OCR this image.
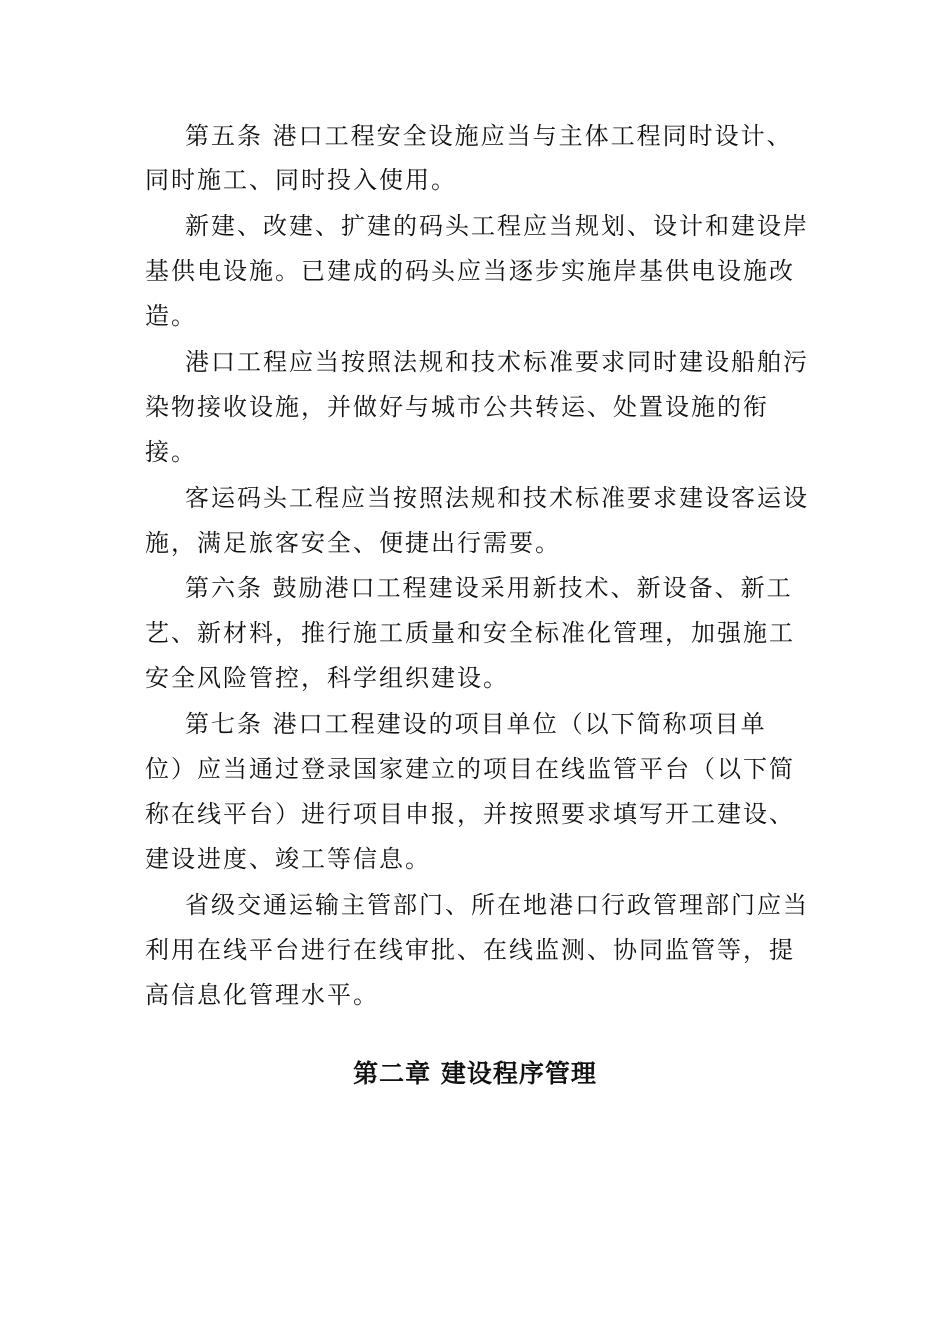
第五条 港口工程安全设施应当与主体工程同时设计、
同时施工、同时投入使用。
新建、改建、扩建的码头工程应当规划、设计和建设岸
基供电设施。已建成的码头应当逐步实施岸基供电设施改
造。
港口工程应当按照法规和技术标准要求同时建设船舶污
染物接收设施，并做好与城市公共转运、处置设施的衔
接。
客运码头工程应当按照法规和技术标准要求建设客运设
施，满足旅客安全、便捷出行需要。
第六条 鼓励港口工程建设采用新技术、新设备、新工
艺、新材料，推行施工质量和安全标准化管理，加强施工
安全风险管控，科学组织建设。
第七条 港口工程建设的项目单位（以下简称项目单
位）应当通过登录国家建立的项目在线监管平台（以下简
称在线平台）进行项目申报，并按照要求填写开工建设、
建设进度、竣工等信息。
省级交通运输主管部门、所在地港口行政管理部门应当
利用在线平台进行在线审批、在线监测、协同监管等，提
高信息化管理水平。
第二章 建设程序管理
